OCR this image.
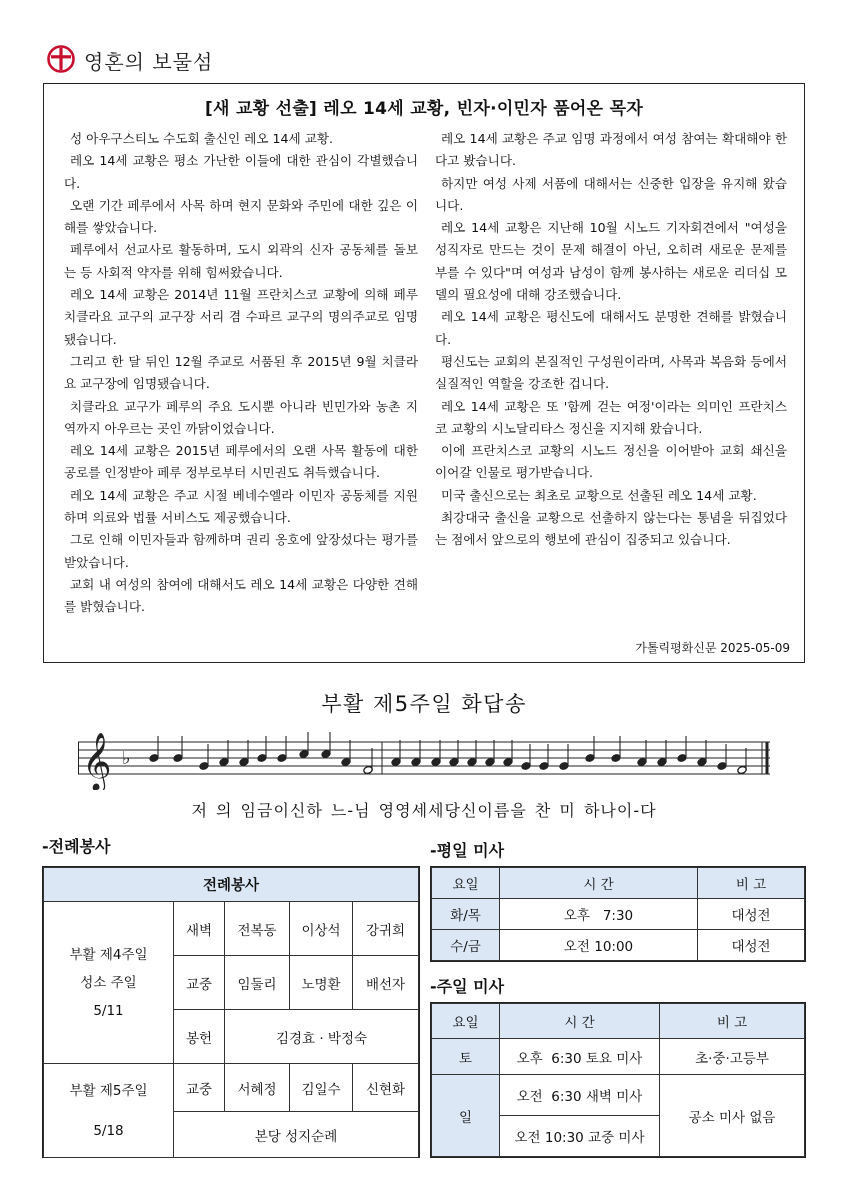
영혼의 보물섬
[새 교황 선출] 레오 14세 교황, 빈자·이민자 품어온 목자

성 아우구스티노 수도회 출신인 레오 14세 교황.

레오 14세 교황은 평소 가난한 이들에 대한 관심이 각별했습니다.

오랜 기간 페루에서 사목 하며 현지 문화와 주민에 대한 깊은 이해를 쌓았습니다.

페루에서 선교사로 활동하며, 도시 외곽의 신자 공동체를 돌보는 등 사회적 약자를 위해 힘써왔습니다.

레오 14세 교황은 2014년 11월 프란치스코 교황에 의해 페루 치클라요 교구의 교구장 서리 겸 수파르 교구의 명의주교로 임명됐습니다.

그리고 한 달 뒤인 12월 주교로 서품된 후 2015년 9월 치클라요 교구장에 임명됐습니다.

치클라요 교구가 페루의 주요 도시뿐 아니라 빈민가와 농촌 지역까지 아우르는 곳인 까닭이었습니다.

레오 14세 교황은 2015년 페루에서의 오랜 사목 활동에 대한 공로를 인정받아 페루 정부로부터 시민권도 취득했습니다.

레오 14세 교황은 주교 시절 베네수엘라 이민자 공동체를 지원하며 의료와 법률 서비스도 제공했습니다.

그로 인해 이민자들과 함께하며 권리 옹호에 앞장섰다는 평가를 받았습니다.

교회 내 여성의 참여에 대해서도 레오 14세 교황은 다양한 견해를 밝혔습니다.

레오 14세 교황은 주교 임명 과정에서 여성 참여는 확대해야 한다고 봤습니다.

하지만 여성 사제 서품에 대해서는 신중한 입장을 유지해 왔습니다.

레오 14세 교황은 지난해 10월 시노드 기자회견에서 "여성을 성직자로 만드는 것이 문제 해결이 아닌, 오히려 새로운 문제를 부를 수 있다"며 여성과 남성이 함께 봉사하는 새로운 리더십 모델의 필요성에 대해 강조했습니다.

레오 14세 교황은 평신도에 대해서도 분명한 견해를 밝혔습니다.

평신도는 교회의 본질적인 구성원이라며, 사목과 복음화 등에서 실질적인 역할을 강조한 겁니다.

레오 14세 교황은 또 '함께 걷는 여정'이라는 의미인 프란치스코 교황의 시노달리타스 정신을 지지해 왔습니다.

이에 프란치스코 교황의 시노드 정신을 이어받아 교회 쇄신을 이어갈 인물로 평가받습니다.

미국 출신으로는 최초로 교황으로 선출된 레오 14세 교황.

최강대국 출신을 교황으로 선출하지 않는다는 통념을 뒤집었다는 점에서 앞으로의 행보에 관심이 집중되고 있습니다.

가톨릭평화신문 2025-05-09
부활 제5주일 화답송
𝄞 ♭
저 의 임금이신하 느-님 영영세세당신이름을 찬 미 하나이-다
-전례봉사	-평일 미사
-주일 미사
전례봉사				

부활 제4주일
성소 주일
5/11	새벽	전복동	이상석	강귀희
	교중	임둘리	노명환	배선자
	봉헌	김경효 · 박정숙		

부활 제5주일
5/18	교중	서혜정	김일수	신현화
	본당 성지순례			
요일	시 간	비 고
화/목	오후   7:30	대성전
수/금	오전 10:00	대성전
요일	시 간	비 고
토	오후  6:30 토요 미사	초·중·고등부
일	오전  6:30 새벽 미사	공소 미사 없음
	오전 10:30 교중 미사	
